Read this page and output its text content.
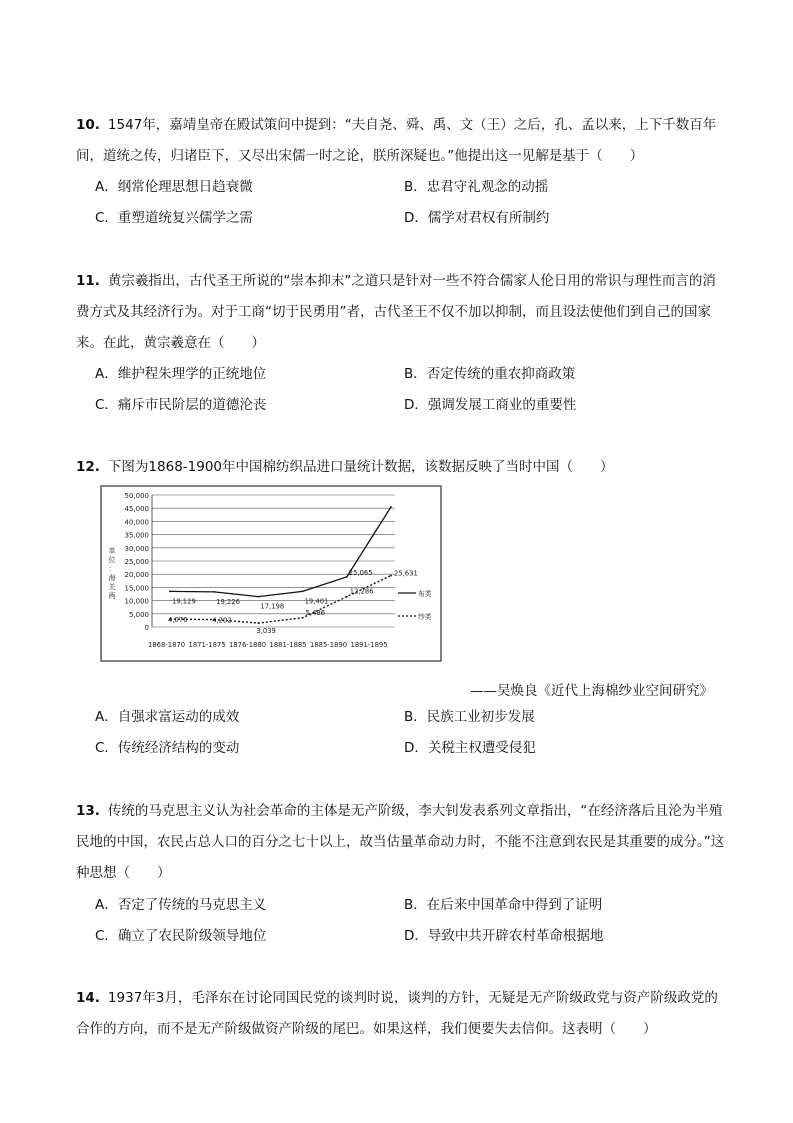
10. 1547年，嘉靖皇帝在殿试策问中提到：“夫自尧、舜、禹、文（王）之后，孔、孟以来，上下千数百年间，道统之传，归诸臣下，又尽出宋儒一时之论，朕所深疑也。”他提出这一见解是基于（　　）
A．纲常伦理思想日趋衰微	B．忠君守礼观念的动摇
C．重塑道统复兴儒学之需	D．儒学对君权有所制约
11. 黄宗羲指出，古代圣王所说的“崇本抑末”之道只是针对一些不符合儒家人伦日用的常识与理性而言的消费方式及其经济行为。对于工商“切于民勇用”者，古代圣王不仅不加以抑制，而且设法使他们到自己的国家来。在此，黄宗羲意在（　　）
A．维护程朱理学的正统地位	B．否定传统的重农抑商政策
C．痛斥市民阶层的道德沦丧	D．强调发展工商业的重要性
12. 下图为1868-1900年中国棉纺织品进口量统计数据，该数据反映了当时中国（　　）
50,000
45,000
40,000
35,000
30,000
25,000
20,000
15,000
10,000
5,000
0
单
位
：
海
关
两
1868-1870 1871-1875 1876-1880 1881-1885 1885-1890 1891-1895
19,129	19,226
17,198
19,401
25,065
布类
4,076	4,202
3,039
5,486
12,286
25,631
纱类
——吴焕良《近代上海棉纱业空间研究》
A．自强求富运动的成效	B．民族工业初步发展
C．传统经济结构的变动	D．关税主权遭受侵犯
13. 传统的马克思主义认为社会革命的主体是无产阶级，李大钊发表系列文章指出，“在经济落后且沦为半殖民地的中国，农民占总人口的百分之七十以上，故当估量革命动力时，不能不注意到农民是其重要的成分。”这种思想（　　）
A．否定了传统的马克思主义	B．在后来中国革命中得到了证明
C．确立了农民阶级领导地位	D．导致中共开辟农村革命根据地
14. 1937年3月，毛泽东在讨论同国民党的谈判时说，谈判的方针，无疑是无产阶级政党与资产阶级政党的合作的方向，而不是无产阶级做资产阶级的尾巴。如果这样，我们便要失去信仰。这表明（　　）
